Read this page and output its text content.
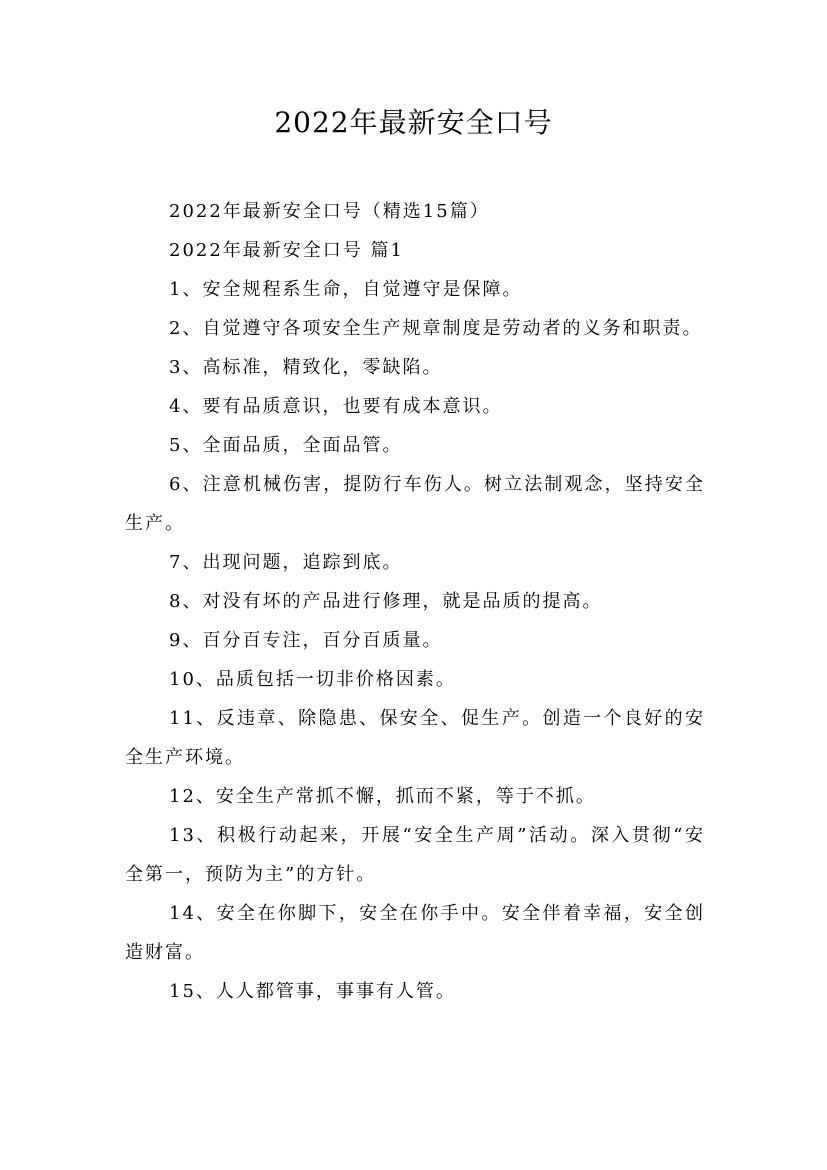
2022年最新安全口号

2022年最新安全口号（精选15篇）

2022年最新安全口号 篇1

1、安全规程系生命，自觉遵守是保障。

2、自觉遵守各项安全生产规章制度是劳动者的义务和职责。

3、高标准，精致化，零缺陷。

4、要有品质意识，也要有成本意识。

5、全面品质，全面品管。

6、注意机械伤害，提防行车伤人。树立法制观念，坚持安全生产。

7、出现问题，追踪到底。

8、对没有坏的产品进行修理，就是品质的提高。

9、百分百专注，百分百质量。

10、品质包括一切非价格因素。

11、反违章、除隐患、保安全、促生产。创造一个良好的安全生产环境。

12、安全生产常抓不懈，抓而不紧，等于不抓。

13、积极行动起来，开展“安全生产周”活动。深入贯彻“安全第一，预防为主”的方针。

14、安全在你脚下，安全在你手中。安全伴着幸福，安全创造财富。

15、人人都管事，事事有人管。
